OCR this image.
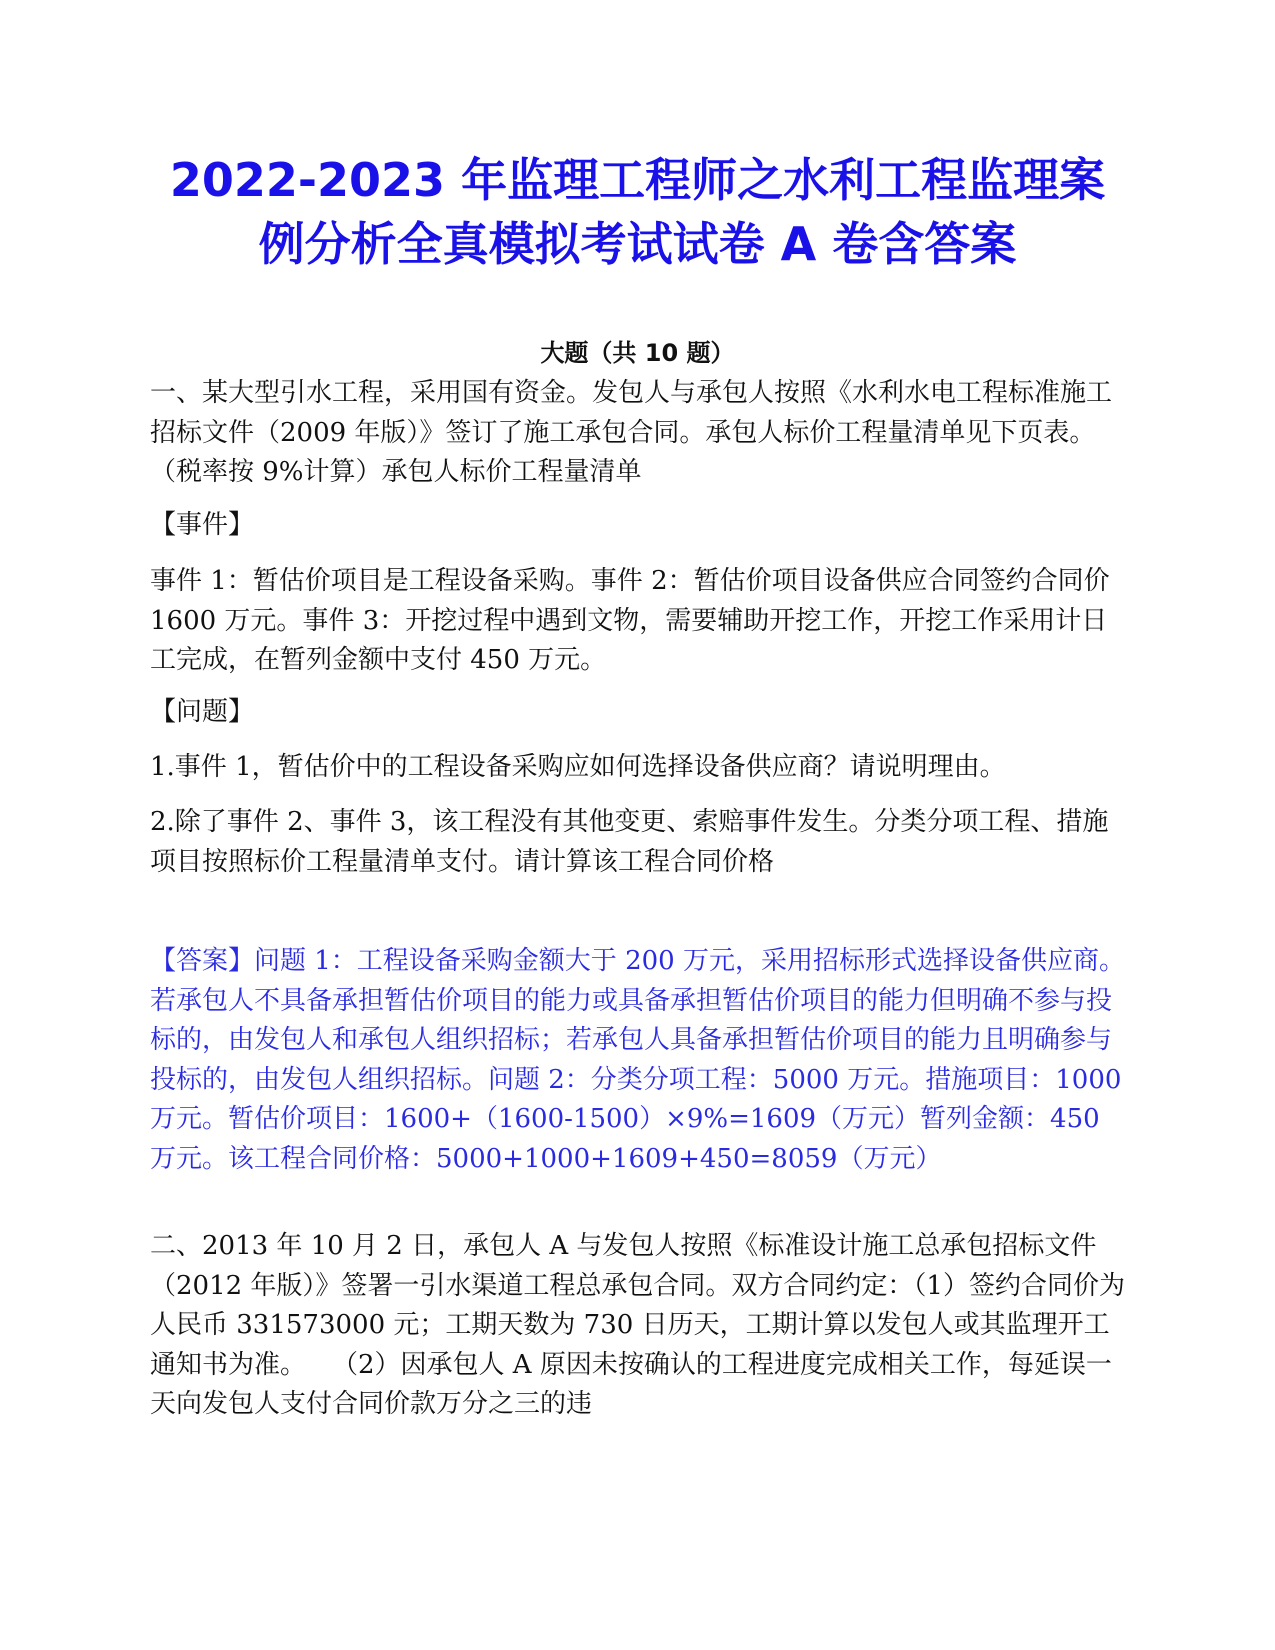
2022-2023 年监理工程师之水利工程监理案
例分析全真模拟考试试卷 A 卷含答案

大题（共 10 题）

一、某大型引水工程，采用国有资金。发包人与承包人按照《水利水电工程标准施工招标文件（2009 年版）》签订了施工承包合同。承包人标价工程量清单见下页表。（税率按 9%计算）承包人标价工程量清单

【事件】

事件 1：暂估价项目是工程设备采购。事件 2：暂估价项目设备供应合同签约合同价 1600 万元。事件 3：开挖过程中遇到文物，需要辅助开挖工作，开挖工作采用计日工完成，在暂列金额中支付 450 万元。

【问题】

1.事件 1，暂估价中的工程设备采购应如何选择设备供应商？请说明理由。

2.除了事件 2、事件 3，该工程没有其他变更、索赔事件发生。分类分项工程、措施项目按照标价工程量清单支付。请计算该工程合同价格

【答案】问题 1：工程设备采购金额大于 200 万元，采用招标形式选择设备供应商。若承包人不具备承担暂估价项目的能力或具备承担暂估价项目的能力但明确不参与投标的，由发包人和承包人组织招标；若承包人具备承担暂估价项目的能力且明确参与投标的，由发包人组织招标。问题 2：分类分项工程：5000 万元。措施项目：1000 万元。暂估价项目：1600+（1600-1500）×9%=1609（万元）暂列金额：450 万元。该工程合同价格：5000+1000+1609+450=8059（万元）

二、2013 年 10 月 2 日，承包人 A 与发包人按照《标准设计施工总承包招标文件（2012 年版）》签署一引水渠道工程总承包合同。双方合同约定：（1）签约合同价为人民币 331573000 元；工期天数为 730 日历天，工期计算以发包人或其监理开工通知书为准。　　（2）因承包人 A 原因未按确认的工程进度完成相关工作，每延误一天向发包人支付合同价款万分之三的违
